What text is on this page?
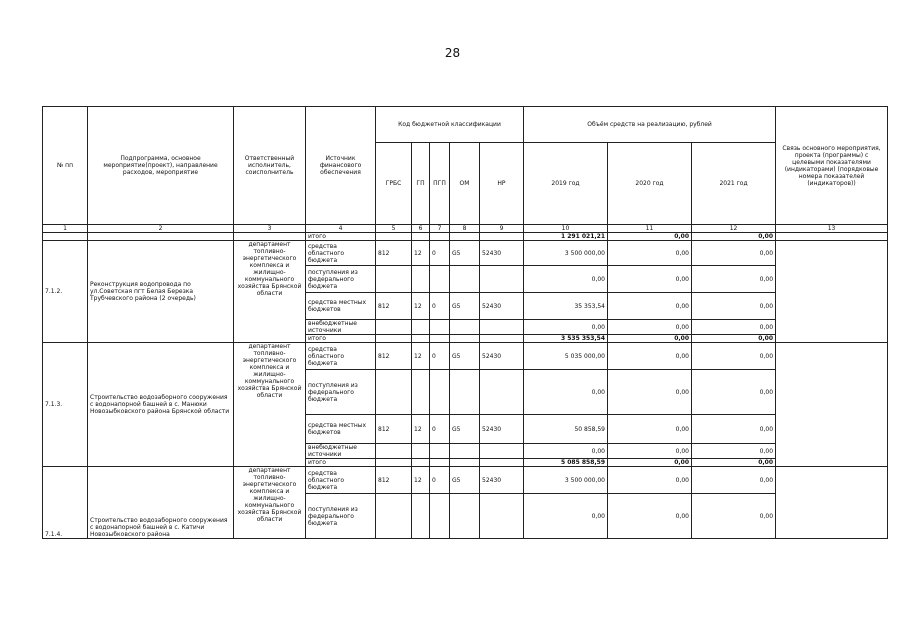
28
№ пп	Подпрограмма, основное мероприятие(проект), направление расходов, мероприятие	Ответственный исполнитель, соисполнитель	Источник финансового обеспечения	Код бюджетной классификации					Объём средств на реализацию, рублей			Связь основного мероприятия, проекта (программы) с целевыми показателями (индикаторами) (порядковые номера показателей (индикаторов))
				ГРБС	ГП	ПГП	ОМ	НР	2019 год	2020 год	2021 год	
1	2	3	4	5	6	7	8	9	10	11	12	13
			итого						1 291 021,21	0,00	0,00	
7.1.2.	Реконструкция водопровода по ул.Советская пгт Белая Березка Трубчевского района (2 очередь)	департамент топливно-энергетического комплекса и жилищно-коммунального хозяйства Брянской области	средства областного бюджета	812	12	0	G5	52430	3 500 000,00	0,00	0,00	
			поступления из федерального бюджета						0,00	0,00	0,00	
			средства местных бюджетов	812	12	0	G5	52430	35 353,54	0,00	0,00	
			внебюджетные источники						0,00	0,00	0,00	
			итого						3 535 353,54	0,00	0,00	
7.1.3.	Строительство водозаборного сооружения с водонапорной башней в с. Манюки Новозыбковского района Брянской области	департамент топливно-энергетического комплекса и жилищно-коммунального хозяйства Брянской области	средства областного бюджета	812	12	0	G5	52430	5 035 000,00	0,00	0,00	
			поступления из федерального бюджета						0,00	0,00	0,00	
			средства местных бюджетов	812	12	0	G5	52430	50 858,59	0,00	0,00	
			внебюджетные источники						0,00	0,00	0,00	
			итого						5 085 858,59	0,00	0,00	
7.1.4.	Строительство водозаборного сооружения с водонапорной башней в с. Катичи Новозыбковского района	департамент топливно-энергетического комплекса и жилищно-коммунального хозяйства Брянской области	средства областного бюджета	812	12	0	G5	52430	3 500 000,00	0,00	0,00	
			поступления из федерального бюджета						0,00	0,00	0,00	
